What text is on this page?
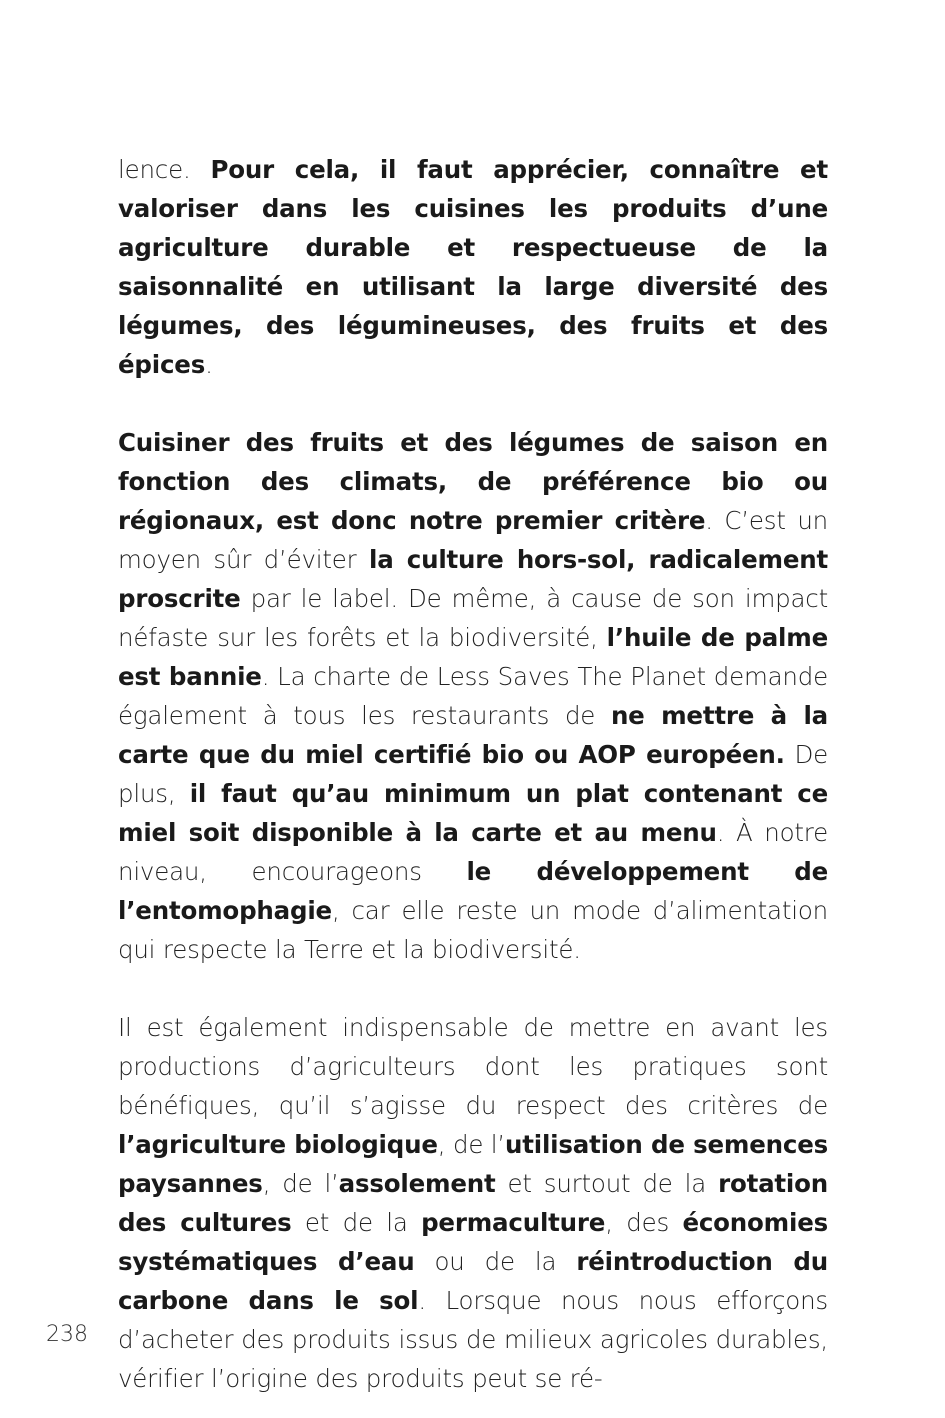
lence. Pour cela, il faut apprécier, connaître et valoriser dans les cuisines les produits d’une agriculture durable et respectueuse de la saisonnalité en utilisant la large diversité des légumes, des légumineuses, des fruits et des épices.

Cuisiner des fruits et des légumes de saison en fonction des climats, de préférence bio ou régionaux, est donc notre premier critère. C’est un moyen sûr d’éviter la culture hors-sol, radicalement proscrite par le label. De même, à cause de son impact néfaste sur les forêts et la biodiversité, l’huile de palme est bannie. La charte de Less Saves The Planet demande également à tous les restaurants de ne mettre à la carte que du miel certifié bio ou AOP européen. De plus, il faut qu’au minimum un plat contenant ce miel soit disponible à la carte et au menu. À notre niveau, encourageons le développement de l’entomophagie, car elle reste un mode d’alimentation qui respecte la Terre et la biodiversité.

Il est également indispensable de mettre en avant les productions d’agriculteurs dont les pratiques sont bénéfiques, qu’il s’agisse du respect des critères de l’agriculture biologique, de l’utilisation de semences paysannes, de l’assolement et surtout de la rotation des cultures et de la permaculture, des économies systématiques d’eau ou de la réintroduction du carbone dans le sol. Lorsque nous nous efforçons d’acheter des produits issus de milieux agricoles durables, vérifier l’origine des produits peut se ré-

238
